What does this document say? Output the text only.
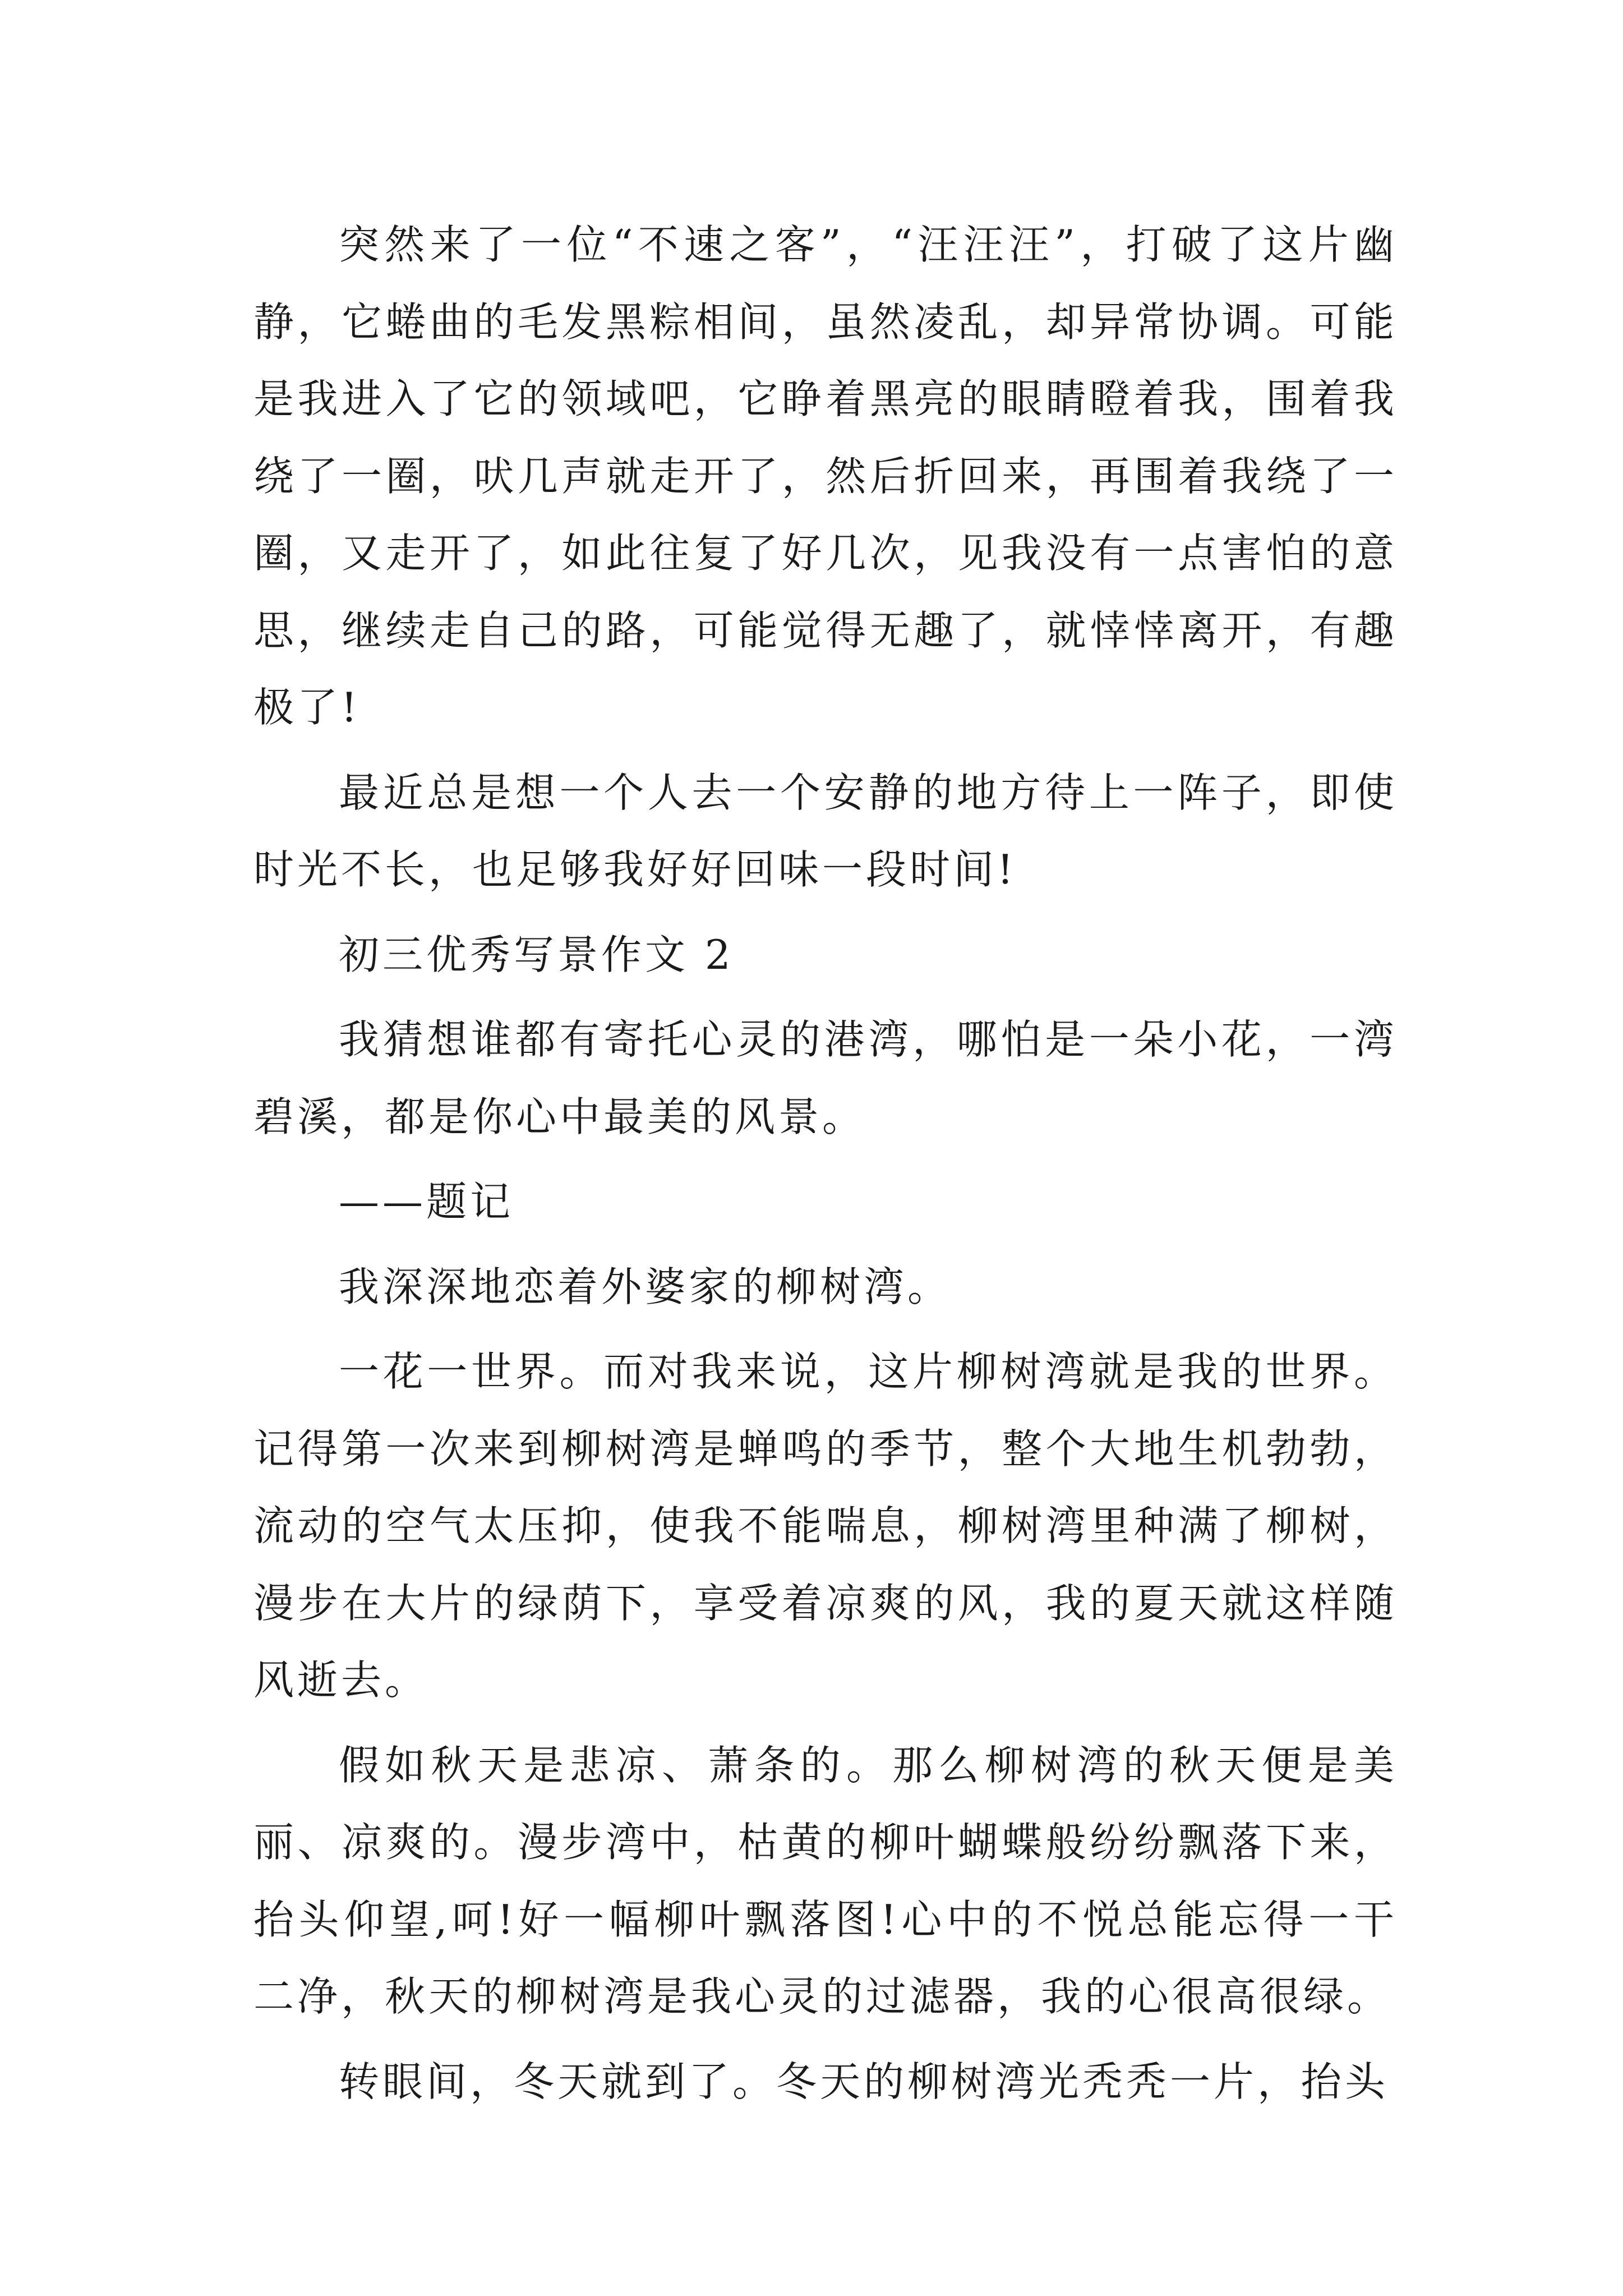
突然来了一位“不速之客”，“汪汪汪”，打破了这片幽静，它蜷曲的毛发黑粽相间，虽然凌乱，却异常协调。可能是我进入了它的领域吧，它睁着黑亮的眼睛瞪着我，围着我绕了一圈，吠几声就走开了，然后折回来，再围着我绕了一圈，又走开了，如此往复了好几次，见我没有一点害怕的意思，继续走自己的路，可能觉得无趣了，就悻悻离开，有趣极了!

最近总是想一个人去一个安静的地方待上一阵子，即使时光不长，也足够我好好回味一段时间!

初三优秀写景作文 2

我猜想谁都有寄托心灵的港湾，哪怕是一朵小花，一湾碧溪，都是你心中最美的风景。

——题记

我深深地恋着外婆家的柳树湾。

一花一世界。而对我来说，这片柳树湾就是我的世界。记得第一次来到柳树湾是蝉鸣的季节，整个大地生机勃勃，流动的空气太压抑，使我不能喘息，柳树湾里种满了柳树，漫步在大片的绿荫下，享受着凉爽的风，我的夏天就这样随风逝去。

假如秋天是悲凉、萧条的。那么柳树湾的秋天便是美丽、凉爽的。漫步湾中，枯黄的柳叶蝴蝶般纷纷飘落下来，抬头仰望,呵!好一幅柳叶飘落图!心中的不悦总能忘得一干二净，秋天的柳树湾是我心灵的过滤器，我的心很高很绿。

转眼间，冬天就到了。冬天的柳树湾光秃秃一片，抬头
